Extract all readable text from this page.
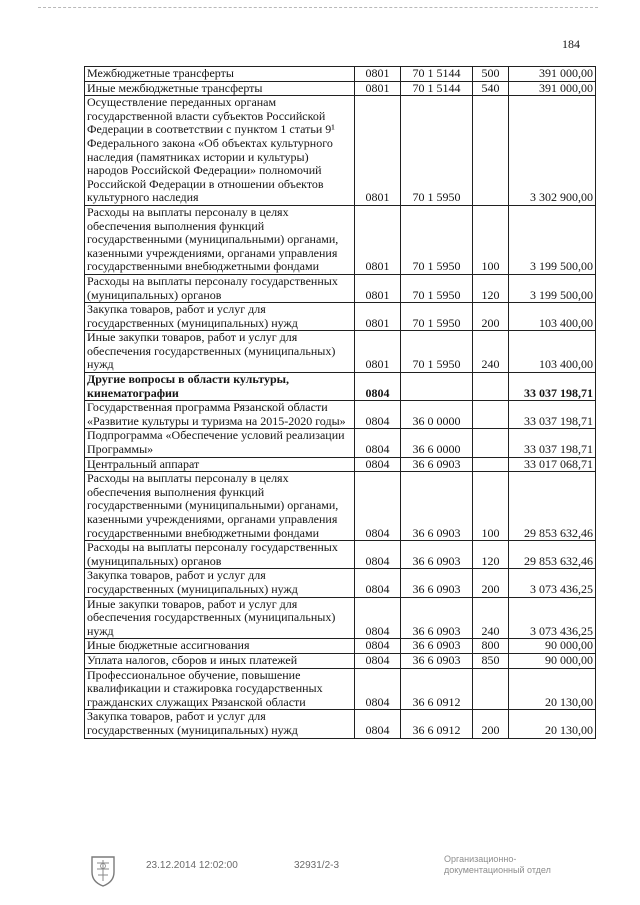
184
Межбюджетные трансферты	0801	70 1 5144	500	391 000,00
Иные межбюджетные трансферты	0801	70 1 5144	540	391 000,00
Осуществление переданных органам государственной власти субъектов Российской Федерации в соответствии с пунктом 1 статьи 9¹ Федерального закона «Об объектах культурного наследия (памятниках истории и культуры) народов Российской Федерации» полномочий Российской Федерации в отношении объектов культурного наследия	0801	70 1 5950		3 302 900,00
Расходы на выплаты персоналу в целях обеспечения выполнения функций государственными (муниципальными) органами, казенными учреждениями, органами управления государственными внебюджетными фондами	0801	70 1 5950	100	3 199 500,00
Расходы на выплаты персоналу государственных (муниципальных) органов	0801	70 1 5950	120	3 199 500,00
Закупка товаров, работ и услуг для государственных (муниципальных) нужд	0801	70 1 5950	200	103 400,00
Иные закупки товаров, работ и услуг для обеспечения государственных (муниципальных) нужд	0801	70 1 5950	240	103 400,00
Другие вопросы в области культуры, кинематографии	0804			33 037 198,71
Государственная программа Рязанской области «Развитие культуры и туризма на 2015-2020 годы»	0804	36 0 0000		33 037 198,71
Подпрограмма «Обеспечение условий реализации Программы»	0804	36 6 0000		33 037 198,71
Центральный аппарат	0804	36 6 0903		33 017 068,71
Расходы на выплаты персоналу в целях обеспечения выполнения функций государственными (муниципальными) органами, казенными учреждениями, органами управления государственными внебюджетными фондами	0804	36 6 0903	100	29 853 632,46
Расходы на выплаты персоналу государственных (муниципальных) органов	0804	36 6 0903	120	29 853 632,46
Закупка товаров, работ и услуг для государственных (муниципальных) нужд	0804	36 6 0903	200	3 073 436,25
Иные закупки товаров, работ и услуг для обеспечения государственных (муниципальных) нужд	0804	36 6 0903	240	3 073 436,25
Иные бюджетные ассигнования	0804	36 6 0903	800	90 000,00
Уплата налогов, сборов и иных платежей	0804	36 6 0903	850	90 000,00
Профессиональное обучение, повышение квалификации и стажировка государственных гражданских служащих Рязанской области	0804	36 6 0912		20 130,00
Закупка товаров, работ и услуг для государственных (муниципальных) нужд	0804	36 6 0912	200	20 130,00
23.12.2014 12:02:00	32931/2-3
Организационно-
документационный отдел
